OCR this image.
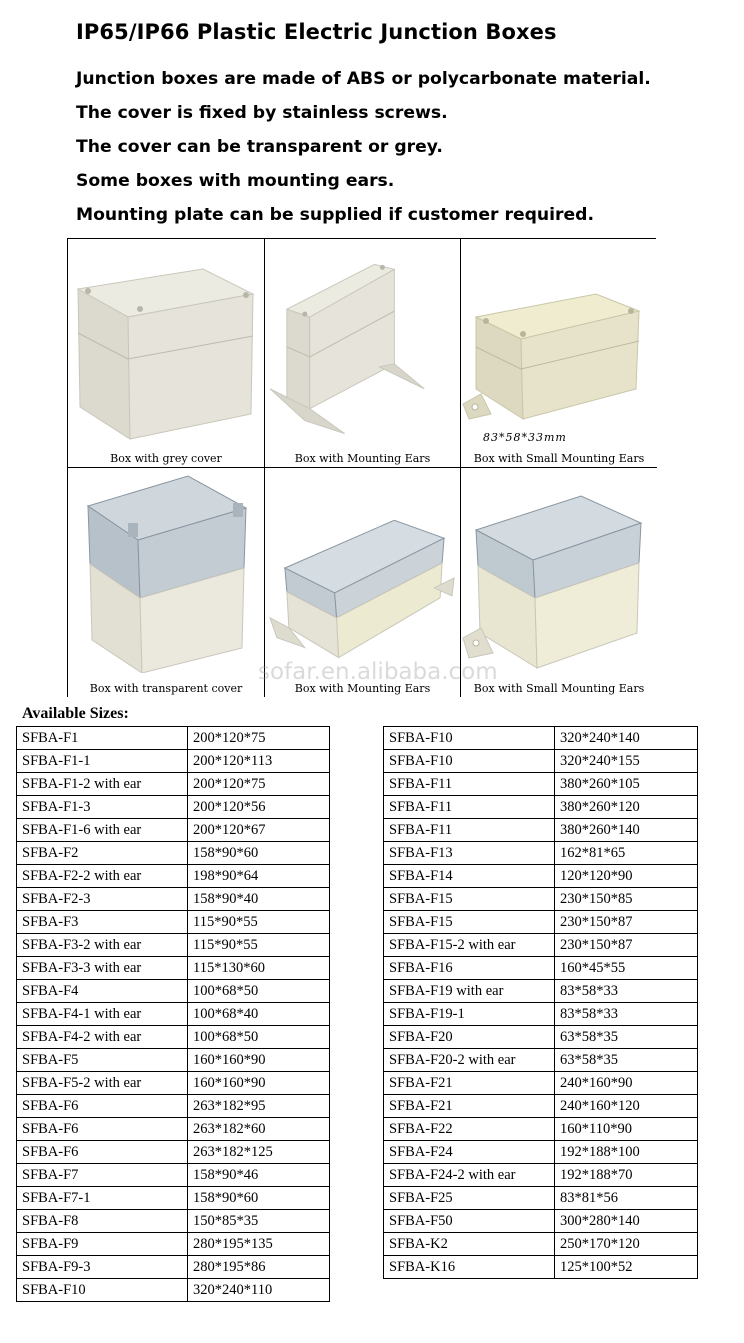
IP65/IP66 Plastic Electric Junction Boxes
Junction boxes are made of ABS or polycarbonate material.
The cover is fixed by stainless screws.
The cover can be transparent or grey.
Some boxes with mounting ears.
Mounting plate can be supplied if customer required.
Box with grey cover	Box with Mounting Ears
83*58*33mm
Box with Small Mounting Ears
Box with transparent cover	Box with Mounting Ears	Box with Small Mounting Ears
sofar.en.alibaba.com
Available Sizes:
SFBA-F1	200*120*75
SFBA-F1-1	200*120*113
SFBA-F1-2 with ear	200*120*75
SFBA-F1-3	200*120*56
SFBA-F1-6 with ear	200*120*67
SFBA-F2	158*90*60
SFBA-F2-2 with ear	198*90*64
SFBA-F2-3	158*90*40
SFBA-F3	115*90*55
SFBA-F3-2 with ear	115*90*55
SFBA-F3-3 with ear	115*130*60
SFBA-F4	100*68*50
SFBA-F4-1 with ear	100*68*40
SFBA-F4-2 with ear	100*68*50
SFBA-F5	160*160*90
SFBA-F5-2 with ear	160*160*90
SFBA-F6	263*182*95
SFBA-F6	263*182*60
SFBA-F6	263*182*125
SFBA-F7	158*90*46
SFBA-F7-1	158*90*60
SFBA-F8	150*85*35
SFBA-F9	280*195*135
SFBA-F9-3	280*195*86
SFBA-F10	320*240*110
SFBA-F10	320*240*140
SFBA-F10	320*240*155
SFBA-F11	380*260*105
SFBA-F11	380*260*120
SFBA-F11	380*260*140
SFBA-F13	162*81*65
SFBA-F14	120*120*90
SFBA-F15	230*150*85
SFBA-F15	230*150*87
SFBA-F15-2 with ear	230*150*87
SFBA-F16	160*45*55
SFBA-F19 with ear	83*58*33
SFBA-F19-1	83*58*33
SFBA-F20	63*58*35
SFBA-F20-2 with ear	63*58*35
SFBA-F21	240*160*90
SFBA-F21	240*160*120
SFBA-F22	160*110*90
SFBA-F24	192*188*100
SFBA-F24-2 with ear	192*188*70
SFBA-F25	83*81*56
SFBA-F50	300*280*140
SFBA-K2	250*170*120
SFBA-K16	125*100*52
